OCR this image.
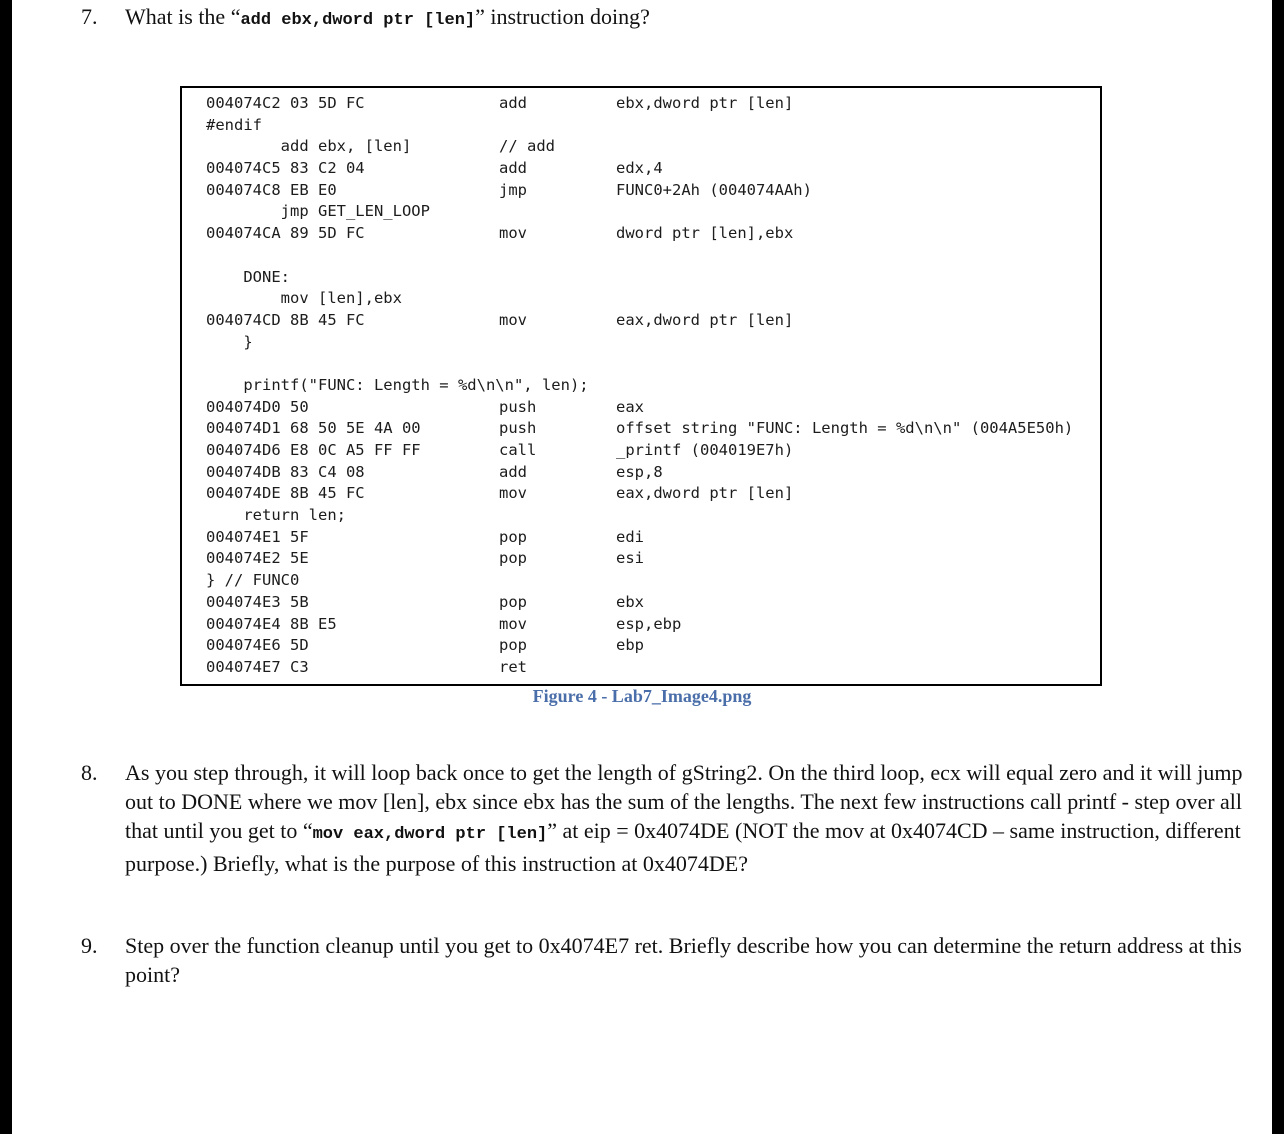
7. What is the “add ebx,dword ptr [len]” instruction doing?
004074C2 03 5D FC	add	ebx,dword ptr [len]
#endif
add ebx, [len]	// add
004074C5 83 C2 04	add	edx,4
004074C8 EB E0	jmp	FUNC0+2Ah (004074AAh)
jmp GET_LEN_LOOP
004074CA 89 5D FC	mov	dword ptr [len],ebx
DONE:
mov [len],ebx
004074CD 8B 45 FC	mov	eax,dword ptr [len]
}
printf("FUNC: Length = %d\n\n", len);
004074D0 50	push	eax
004074D1 68 50 5E 4A 00	push	offset string "FUNC: Length = %d\n\n" (004A5E50h)
004074D6 E8 0C A5 FF FF	call	_printf (004019E7h)
004074DB 83 C4 08	add	esp,8
004074DE 8B 45 FC	mov	eax,dword ptr [len]
return len;
004074E1 5F	pop	edi
004074E2 5E	pop	esi
} // FUNC0
004074E3 5B	pop	ebx
004074E4 8B E5	mov	esp,ebp
004074E6 5D	pop	ebp
004074E7 C3	ret
Figure 4 - Lab7_Image4.png
8. As you step through, it will loop back once to get the length of gString2. On the third loop, ecx will equal zero and it will jump out to DONE where we mov [len], ebx since ebx has the sum of the lengths. The next few instructions call printf - step over all that until you get to “mov eax,dword ptr [len]” at eip = 0x4074DE (NOT the mov at 0x4074CD – same instruction, different purpose.) Briefly, what is the purpose of this instruction at 0x4074DE?
9. Step over the function cleanup until you get to 0x4074E7 ret. Briefly describe how you can determine the return address at this point?
